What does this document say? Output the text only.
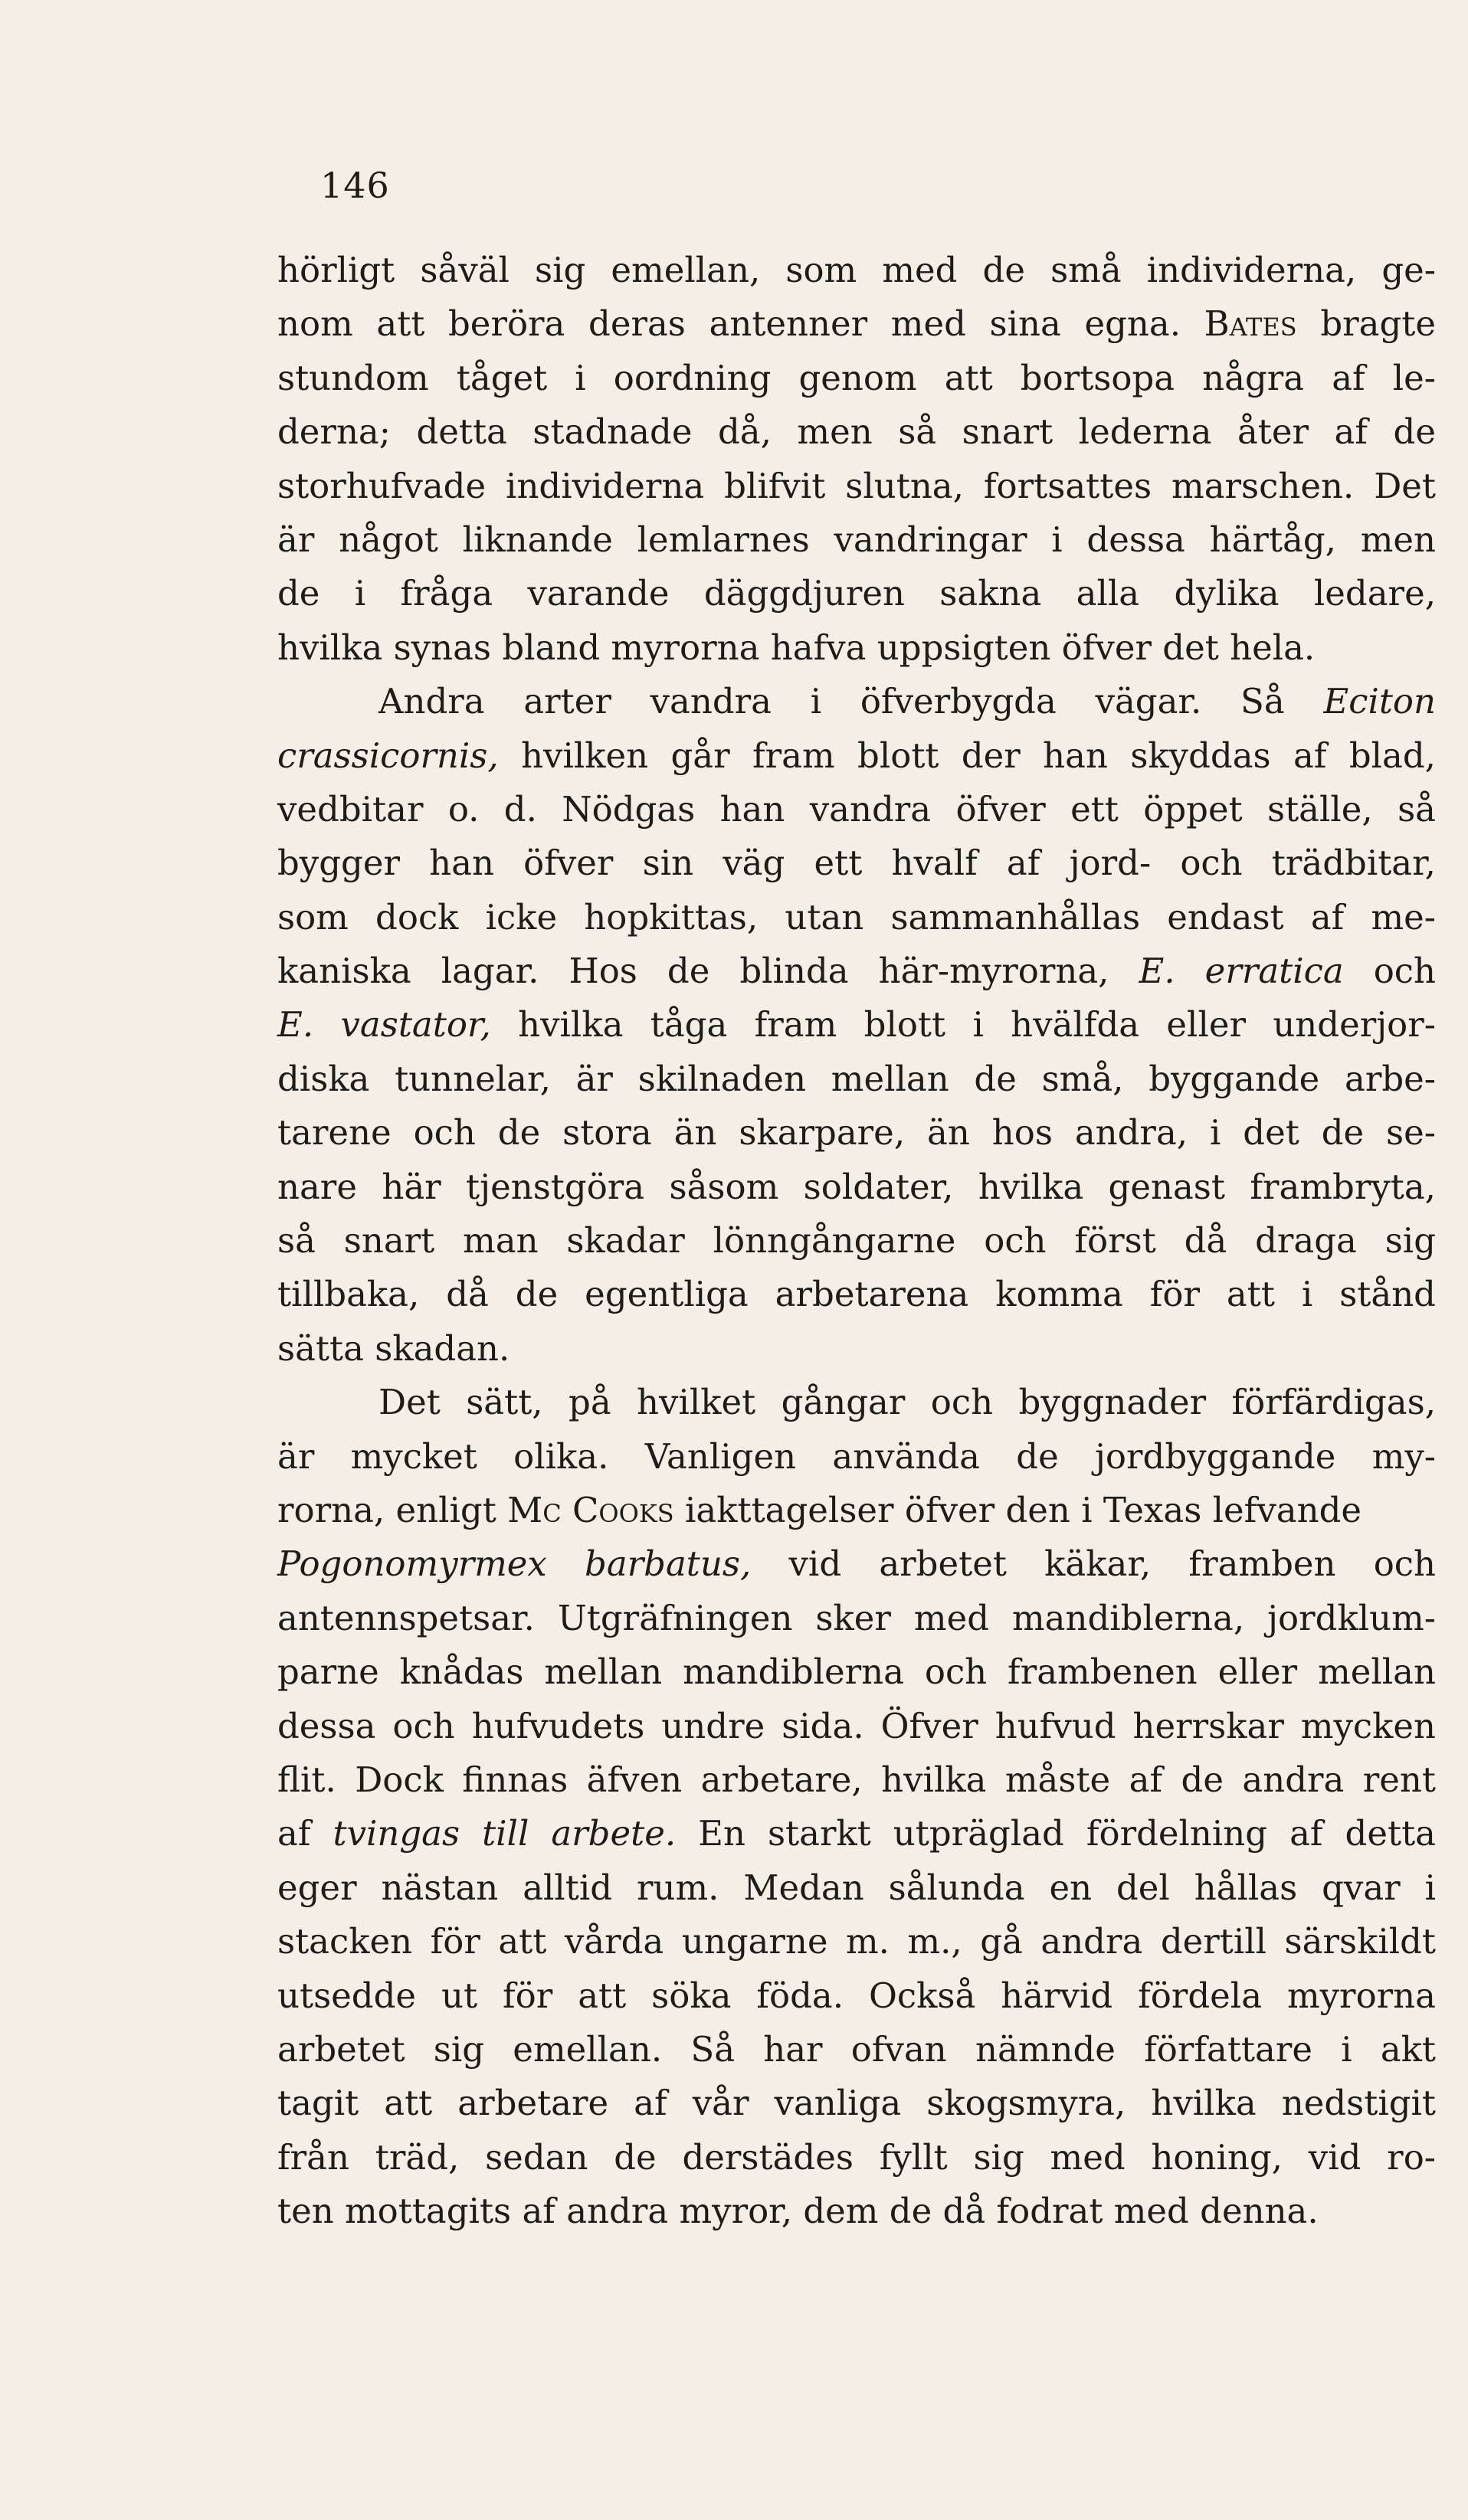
146
hörligt såväl sig emellan, som med de små individerna, ge-
nom att beröra deras antenner med sina egna. Bates bragte
stundom tåget i oordning genom att bortsopa några af le-
derna; detta stadnade då, men så snart lederna åter af de
storhufvade individerna blifvit slutna, fortsattes marschen. Det
är något liknande lemlarnes vandringar i dessa härtåg, men
de i fråga varande däggdjuren sakna alla dylika ledare,
hvilka synas bland myrorna hafva uppsigten öfver det hela.
Andra arter vandra i öfverbygda vägar. Så Eciton
crassicornis, hvilken går fram blott der han skyddas af blad,
vedbitar o. d. Nödgas han vandra öfver ett öppet ställe, så
bygger han öfver sin väg ett hvalf af jord- och trädbitar,
som dock icke hopkittas, utan sammanhållas endast af me-
kaniska lagar. Hos de blinda här-myrorna, E. erratica och
E. vastator, hvilka tåga fram blott i hvälfda eller underjor-
diska tunnelar, är skilnaden mellan de små, byggande arbe-
tarene och de stora än skarpare, än hos andra, i det de se-
nare här tjenstgöra såsom soldater, hvilka genast frambryta,
så snart man skadar lönngångarne och först då draga sig
tillbaka, då de egentliga arbetarena komma för att i stånd
sätta skadan.
Det sätt, på hvilket gångar och byggnader förfärdigas,
är mycket olika. Vanligen använda de jordbyggande my-
rorna, enligt Mc Cooks iakttagelser öfver den i Texas lefvande
Pogonomyrmex barbatus, vid arbetet käkar, framben och
antennspetsar. Utgräfningen sker med mandiblerna, jordklum-
parne knådas mellan mandiblerna och frambenen eller mellan
dessa och hufvudets undre sida. Öfver hufvud herrskar mycken
flit. Dock finnas äfven arbetare, hvilka måste af de andra rent
af tvingas till arbete. En starkt utpräglad fördelning af detta
eger nästan alltid rum. Medan sålunda en del hållas qvar i
stacken för att vårda ungarne m. m., gå andra dertill särskildt
utsedde ut för att söka föda. Också härvid fördela myrorna
arbetet sig emellan. Så har ofvan nämnde författare i akt
tagit att arbetare af vår vanliga skogsmyra, hvilka nedstigit
från träd, sedan de derstädes fyllt sig med honing, vid ro-
ten mottagits af andra myror, dem de då fodrat med denna.
